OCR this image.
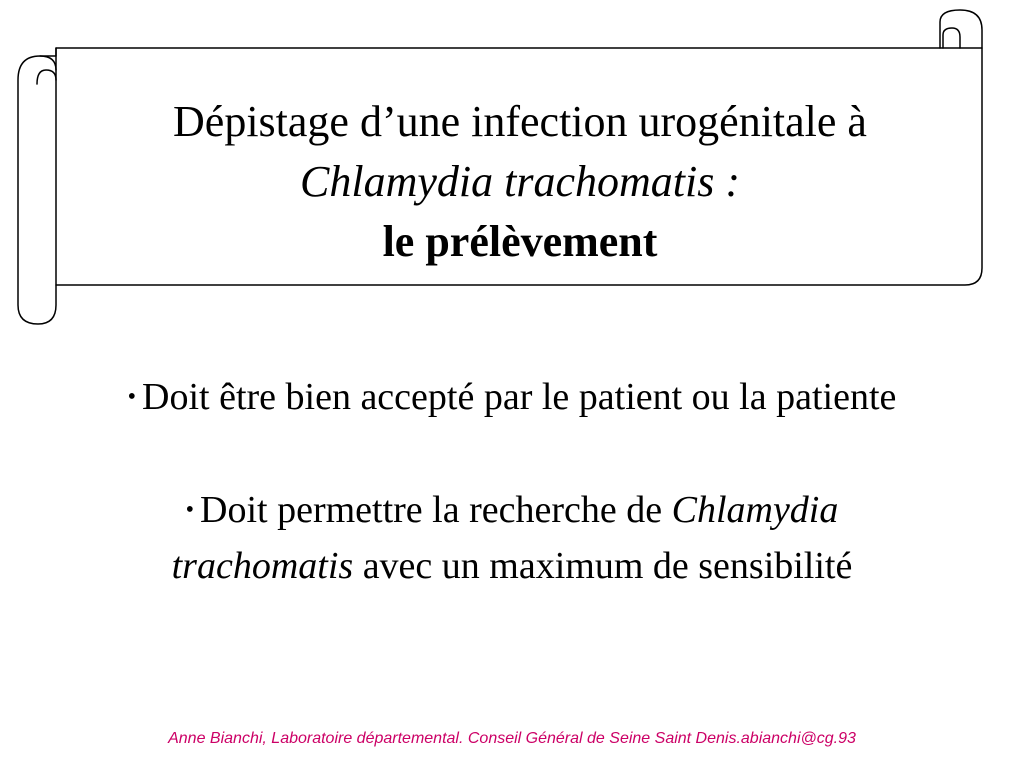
Dépistage d’une infection urogénitale à
Chlamydia trachomatis :
le prélèvement
• Doit être bien accepté par le patient ou la patiente
• Doit permettre la recherche de Chlamydia
trachomatis avec un maximum de sensibilité
Anne Bianchi, Laboratoire départemental. Conseil Général de Seine Saint Denis.abianchi@cg.93
